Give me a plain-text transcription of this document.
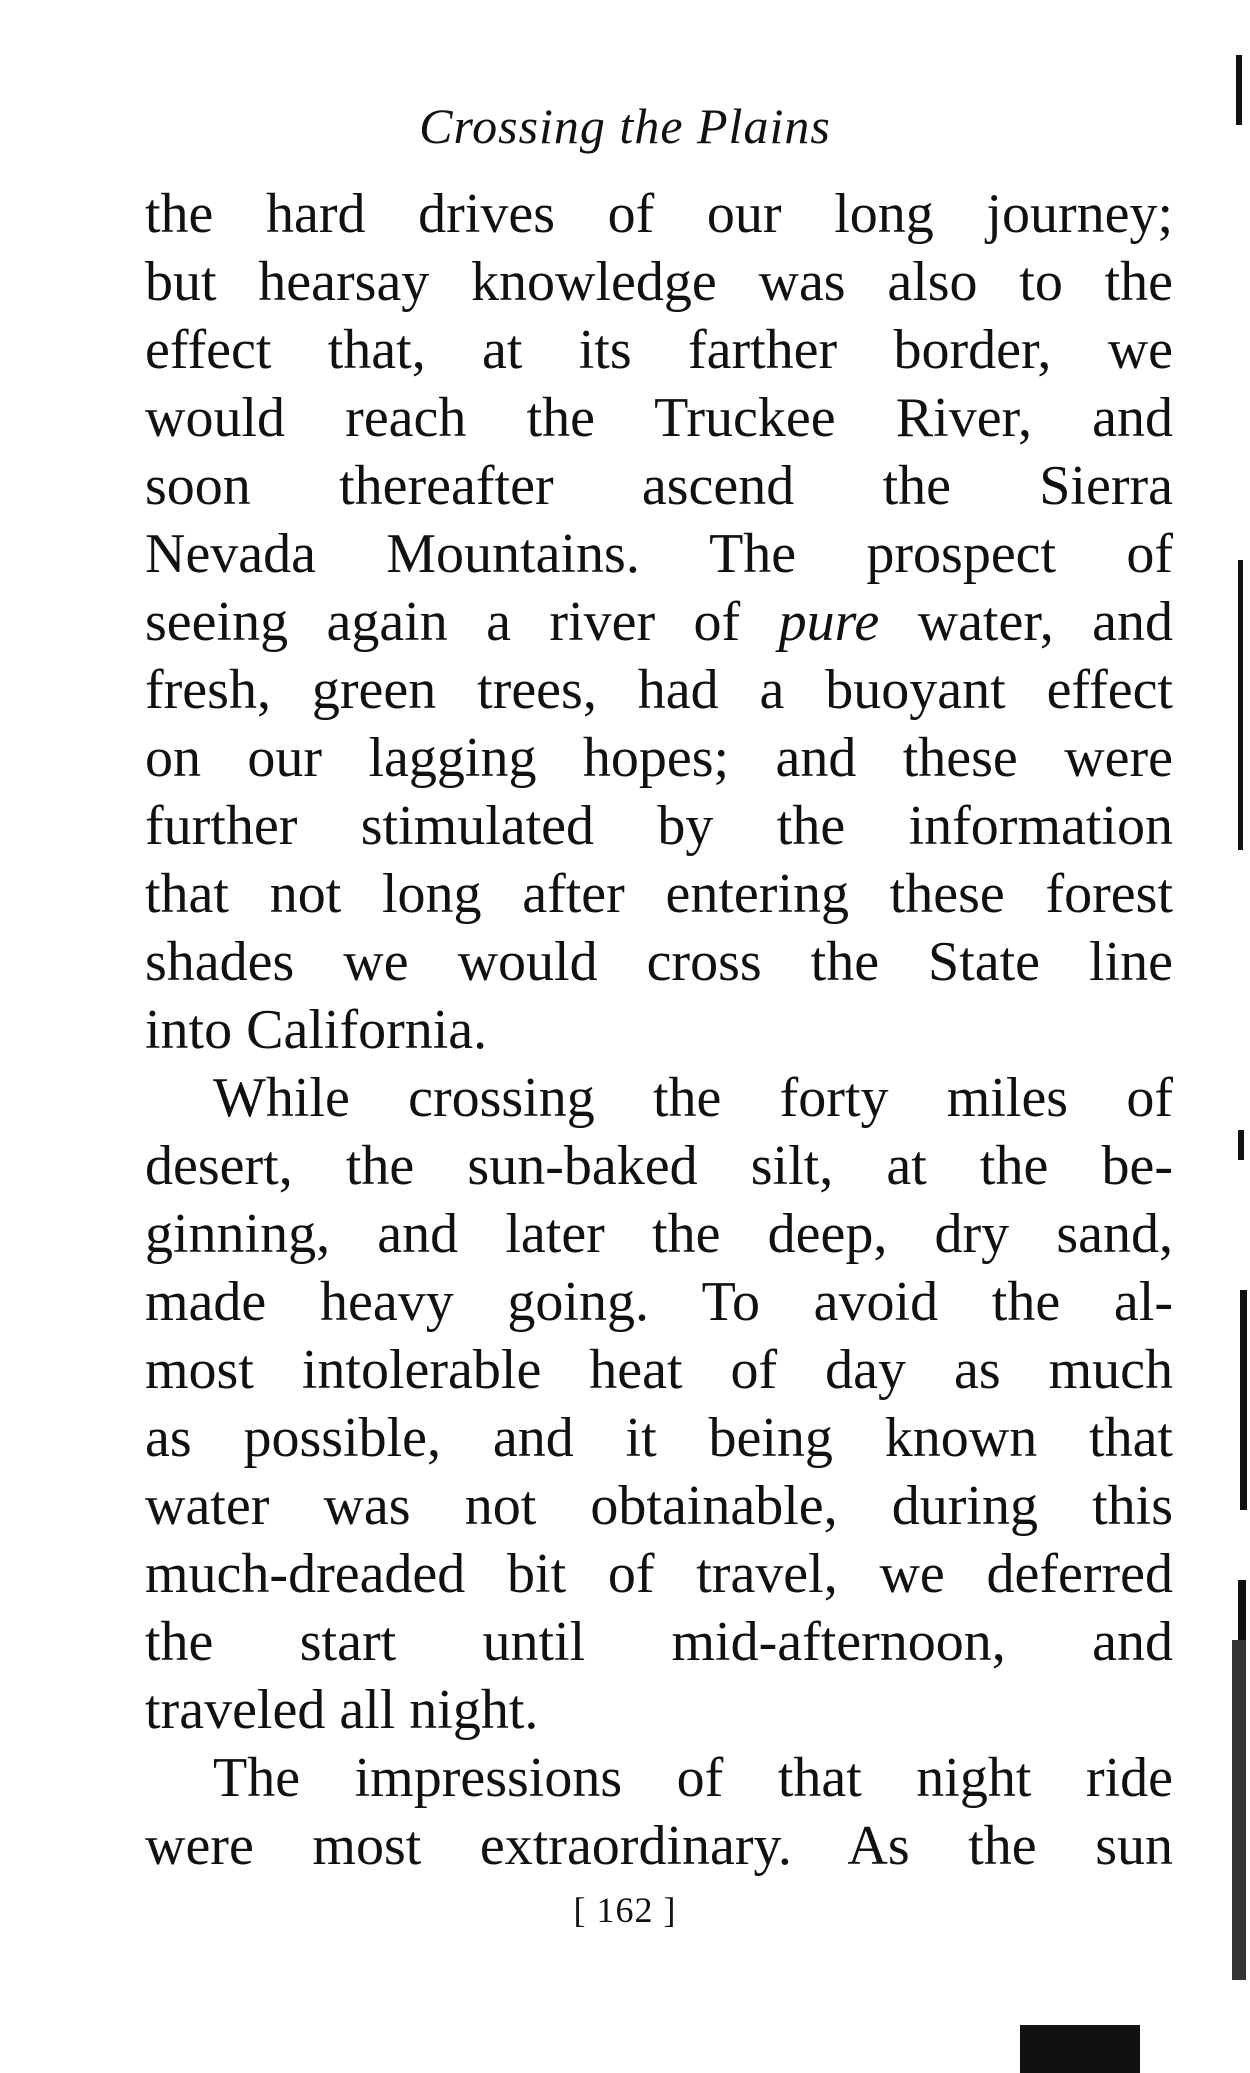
Crossing the Plains
the hard drives of our long journey;
but hearsay knowledge was also to the
effect that, at its farther border, we
would reach the Truckee River, and
soon thereafter ascend the Sierra
Nevada Mountains. The prospect of
seeing again a river of pure water, and
fresh, green trees, had a buoyant effect
on our lagging hopes; and these were
further stimulated by the information
that not long after entering these forest
shades we would cross the State line
into California.
While crossing the forty miles of
desert, the sun-baked silt, at the be-
ginning, and later the deep, dry sand,
made heavy going. To avoid the al-
most intolerable heat of day as much
as possible, and it being known that
water was not obtainable, during this
much-dreaded bit of travel, we deferred
the start until mid-afternoon, and
traveled all night.
The impressions of that night ride
were most extraordinary. As the sun
[ 162 ]
